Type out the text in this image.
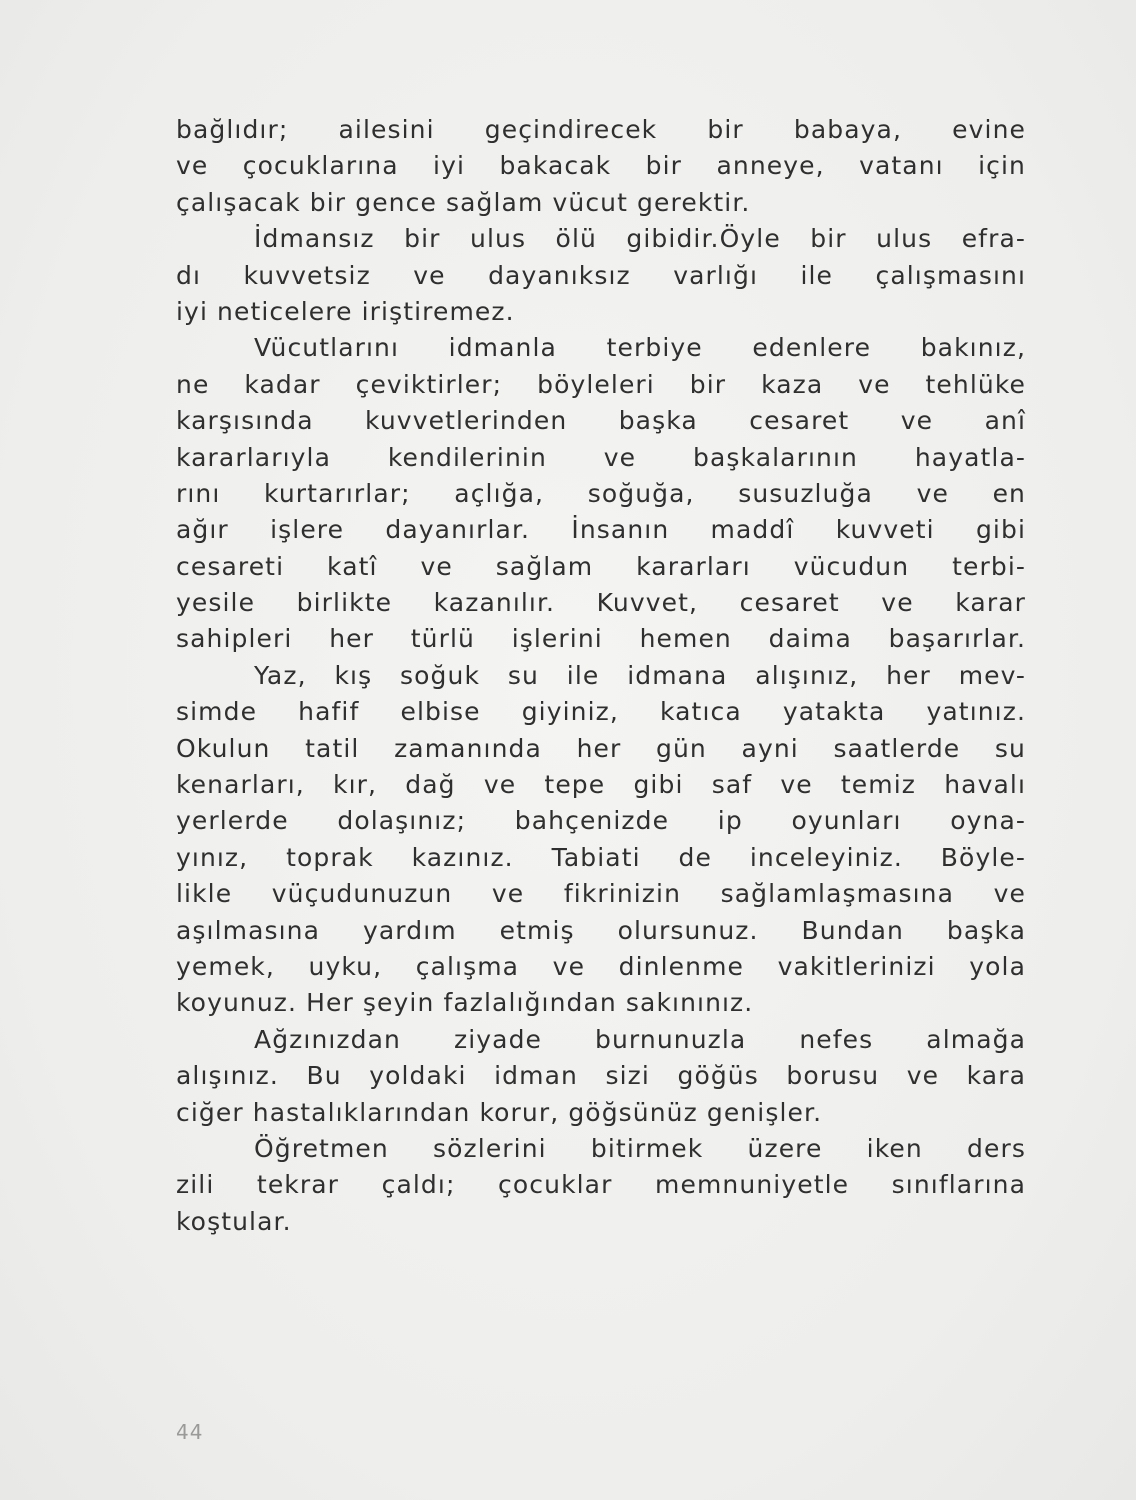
bağlıdır; ailesini geçindirecek bir babaya, evine
ve çocuklarına iyi bakacak bir anneye, vatanı için
çalışacak bir gence sağlam vücut gerektir.
İdmansız bir ulus ölü gibidir.Öyle bir ulus efra-
dı kuvvetsiz ve dayanıksız varlığı ile çalışmasını
iyi neticelere iriştiremez.
Vücutlarını idmanla terbiye edenlere bakınız,
ne kadar çeviktirler; böyleleri bir kaza ve tehlüke
karşısında kuvvetlerinden başka cesaret ve anî
kararlarıyla kendilerinin ve başkalarının hayatla-
rını kurtarırlar; açlığa, soğuğa, susuzluğa ve en
ağır işlere dayanırlar. İnsanın maddî kuvveti gibi
cesareti katî ve sağlam kararları vücudun terbi-
yesile birlikte kazanılır. Kuvvet, cesaret ve karar
sahipleri her türlü işlerini hemen daima başarırlar.
Yaz, kış soğuk su ile idmana alışınız, her mev-
simde hafif elbise giyiniz, katıca yatakta yatınız.
Okulun tatil zamanında her gün ayni saatlerde su
kenarları, kır, dağ ve tepe gibi saf ve temiz havalı
yerlerde dolaşınız; bahçenizde ip oyunları oyna-
yınız, toprak kazınız. Tabiati de inceleyiniz. Böyle-
likle vüçudunuzun ve fikrinizin sağlamlaşmasına ve
aşılmasına yardım etmiş olursunuz. Bundan başka
yemek, uyku, çalışma ve dinlenme vakitlerinizi yola
koyunuz. Her şeyin fazlalığından sakınınız.
Ağzınızdan ziyade burnunuzla nefes almağa
alışınız. Bu yoldaki idman sizi göğüs borusu ve kara
ciğer hastalıklarından korur, göğsünüz genişler.
Öğretmen sözlerini bitirmek üzere iken ders
zili tekrar çaldı; çocuklar memnuniyetle sınıflarına
koştular.
44
